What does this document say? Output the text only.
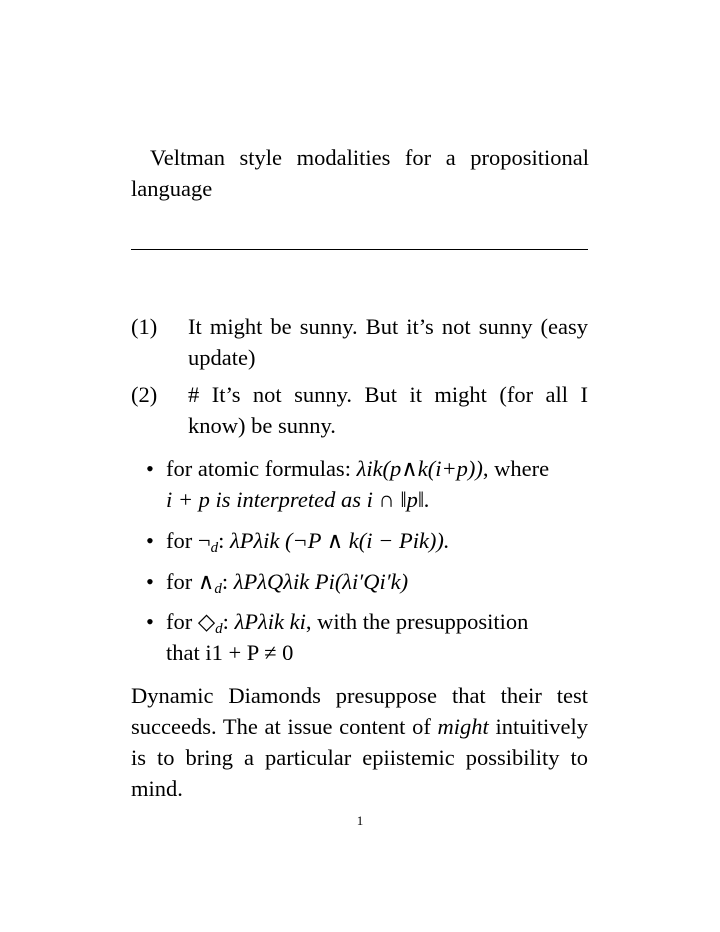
Veltman style modalities for a propositional language
(1) It might be sunny. But it’s not sunny (easy update)
(2) # It’s not sunny. But it might (for all I know) be sunny.
• for atomic formulas: λik(p∧k(i+p)), where
i + p is interpreted as i ∩ ‖p‖.
• for $\neg_d$: λPλik (¬P ∧ k(i − Pik)).
• for $\wedge_d$: λPλQλik Pi(λi′Qi′k)
• for $◇_d$: λPλik ki, with the presupposition
that i1 + P ≠ 0

Dynamic Diamonds presuppose that their test succeeds. The at issue content of might intuitively is to bring a particular epiistemic possibility to mind.

1
